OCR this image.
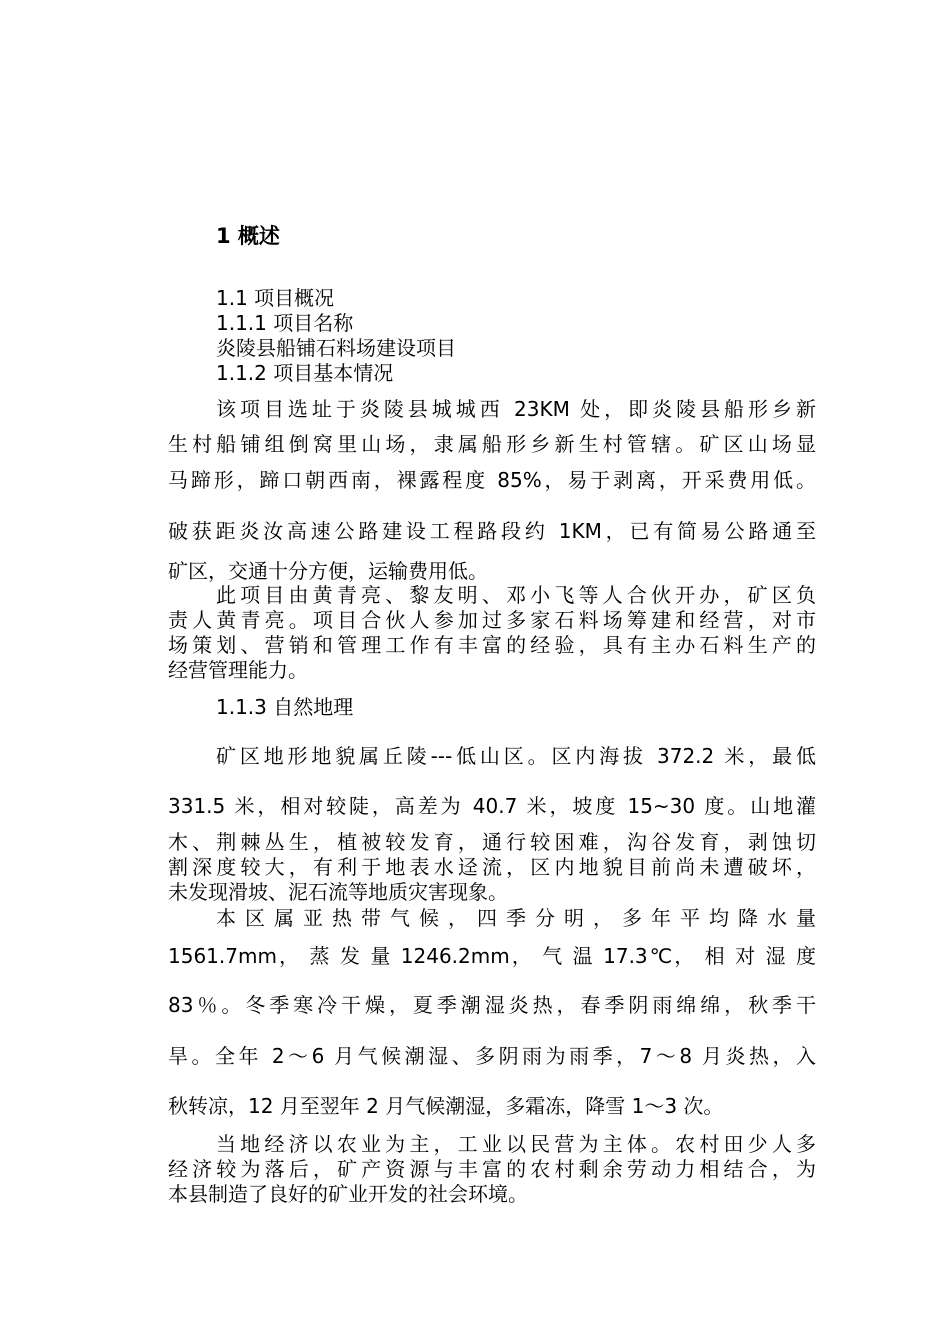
1 概述
1.1 项目概况
1.1.1 项目名称
炎陵县船铺石料场建设项目
1.1.2 项目基本情况
该项目选址于炎陵县城城西 23KM 处，即炎陵县船形乡新
生村船铺组倒窝里山场，隶属船形乡新生村管辖。矿区山场显
马蹄形，蹄口朝西南，裸露程度 85%，易于剥离，开采费用低。
破获距炎汝高速公路建设工程路段约 1KM，已有简易公路通至
矿区，交通十分方便，运输费用低。
此项目由黄青亮、黎友明、邓小飞等人合伙开办，矿区负
责人黄青亮。项目合伙人参加过多家石料场筹建和经营，对市
场策划、营销和管理工作有丰富的经验，具有主办石料生产的
经营管理能力。
1.1.3 自然地理
矿区地形地貌属丘陵---低山区。区内海拔 372.2 米，最低
331.5 米，相对较陡，高差为 40.7 米，坡度 15~30 度。山地灌
木、荆棘丛生，植被较发育，通行较困难，沟谷发育，剥蚀切
割深度较大，有利于地表水迳流，区内地貌目前尚未遭破坏，
未发现滑坡、泥石流等地质灾害现象。
本区属亚热带气候，四季分明，多年平均降水量
1561.7mm， 蒸 发 量 1246.2mm， 气 温 17.3℃， 相 对 湿 度
83％。冬季寒冷干燥，夏季潮湿炎热，春季阴雨绵绵，秋季干
旱。全年 2～6 月气候潮湿、多阴雨为雨季，7～8 月炎热，入
秋转凉，12 月至翌年 2 月气候潮湿，多霜冻，降雪 1～3 次。
当地经济以农业为主，工业以民营为主体。农村田少人多
经济较为落后，矿产资源与丰富的农村剩余劳动力相结合，为
本县制造了良好的矿业开发的社会环境。
